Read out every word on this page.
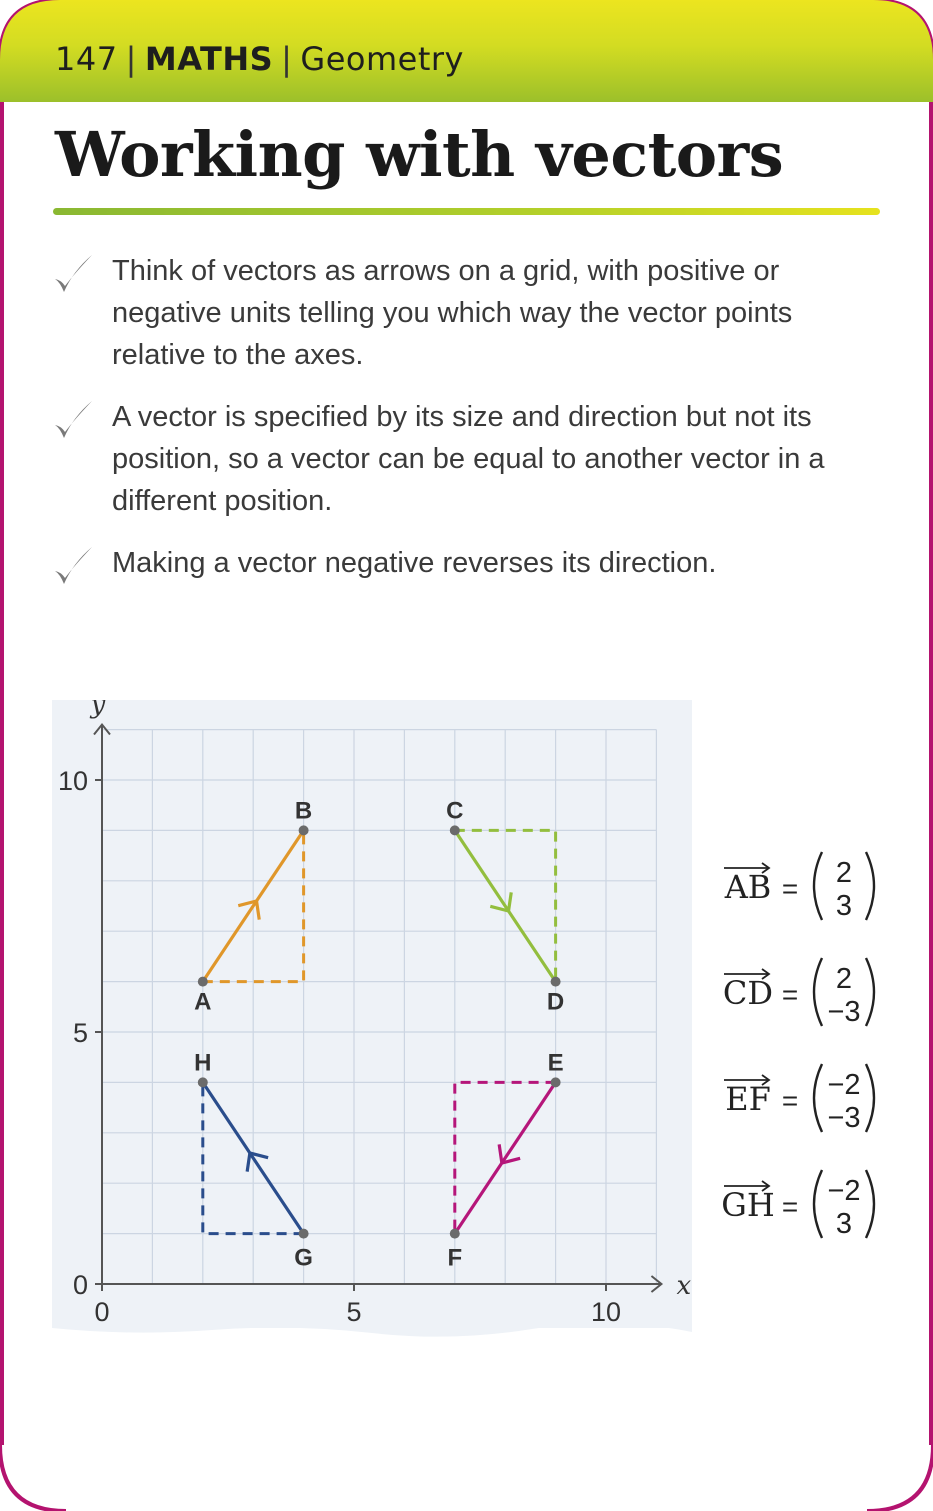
147 | MATHS | Geometry
Working with vectors
Think of vectors as arrows on a grid, with positive or negative units telling you which way the vector points relative to the axes.
A vector is specified by its size and direction but not its position, so a vector can be equal to another vector in a different position.
Making a vector negative reverses its direction.
x
y
0	5	10
0
5
10
A
B	C
D
E
F
G
H
AB = 2
3
CD = 2
−3
EF = −2
−3
GH = −2
3
